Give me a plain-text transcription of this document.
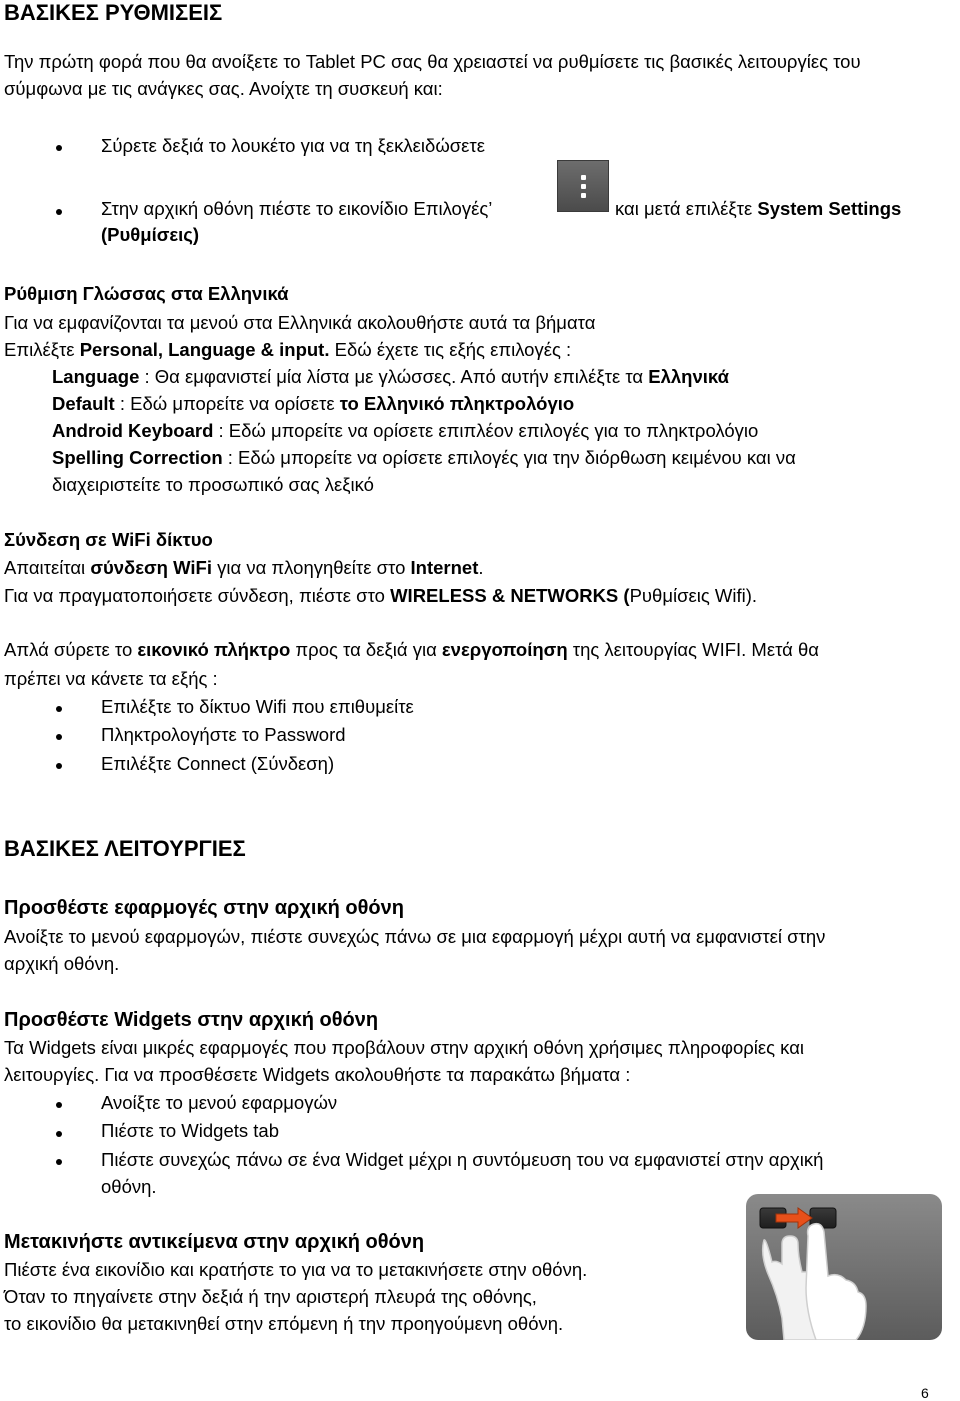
ΒΑΣΙΚΕΣ ΡΥΘΜΙΣΕΙΣ
Την πρώτη φορά που θα ανοίξετε το Tablet PC σας θα χρειαστεί να ρυθμίσετε τις βασικές λειτουργίες του
σύμφωνα με τις ανάγκες σας. Ανοίχτε τη συσκευή και:
Σύρετε δεξιά το λουκέτο για να τη ξεκλειδώσετε
Στην αρχική οθόνη πιέστε το εικονίδιο Επιλογές’	και μετά επιλέξτε System Settings
(Ρυθμίσεις)
Ρύθμιση Γλώσσας στα Ελληνικά
Για να εμφανίζονται τα μενού στα Ελληνικά ακολουθήστε αυτά τα βήματα
Επιλέξτε Personal, Language & input. Εδώ έχετε τις εξής επιλογές :
Language : Θα εμφανιστεί μία λίστα με γλώσσες. Από αυτήν επιλέξτε τα Ελληνικά
Default : Εδώ μπορείτε να ορίσετε το Ελληνικό πληκτρολόγιο
Android Keyboard : Εδώ μπορείτε να ορίσετε επιπλέον επιλογές για το πληκτρολόγιο
Spelling Correction : Εδώ μπορείτε να ορίσετε επιλογές για την διόρθωση κειμένου και να
διαχειριστείτε το προσωπικό σας λεξικό
Σύνδεση σε WiFi δίκτυο
Απαιτείται σύνδεση WiFi για να πλοηγηθείτε στο Internet.
Για να πραγματοποιήσετε σύνδεση, πιέστε στο WIRELESS & NETWORKS (Ρυθμίσεις Wifi).
Απλά σύρετε το εικονικό πλήκτρο προς τα δεξιά για ενεργοποίηση της λειτουργίας WIFI. Μετά θα
πρέπει να κάνετε τα εξής :
Επιλέξτε το δίκτυο Wifi που επιθυμείτε
Πληκτρολογήστε το Password
Επιλέξτε Connect (Σύνδεση)
ΒΑΣΙΚΕΣ ΛΕΙΤΟΥΡΓΙΕΣ
Προσθέστε εφαρμογές στην αρχική οθόνη
Ανοίξτε το μενού εφαρμογών, πιέστε συνεχώς πάνω σε μια εφαρμογή μέχρι αυτή να εμφανιστεί στην
αρχική οθόνη.
Προσθέστε Widgets στην αρχική οθόνη
Τα Widgets είναι μικρές εφαρμογές που προβάλουν στην αρχική οθόνη χρήσιμες πληροφορίες και
λειτουργίες. Για να προσθέσετε Widgets ακολουθήστε τα παρακάτω βήματα :
Ανοίξτε το μενού εφαρμογών
Πιέστε το Widgets tab
Πιέστε συνεχώς πάνω σε ένα Widget μέχρι η συντόμευση του να εμφανιστεί στην αρχική
οθόνη.
Μετακινήστε αντικείμενα στην αρχική οθόνη
Πιέστε ένα εικονίδιο και κρατήστε το για να το μετακινήσετε στην οθόνη.
Όταν το πηγαίνετε στην δεξιά ή την αριστερή πλευρά της οθόνης,
το εικονίδιο θα μετακινηθεί στην επόμενη ή την προηγούμενη οθόνη.
6
